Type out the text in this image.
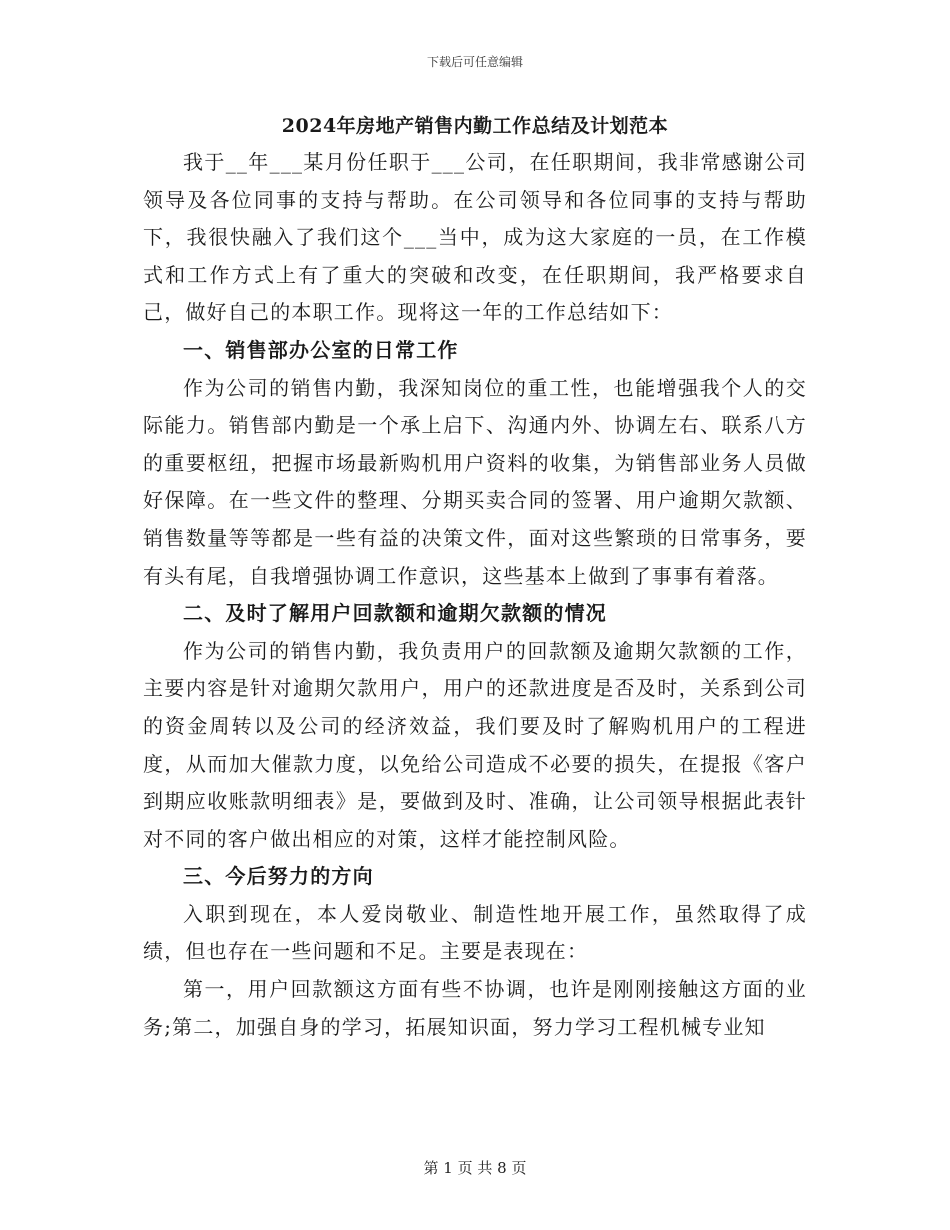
下载后可任意编辑
2024年房地产销售内勤工作总结及计划范本

我于__年___某月份任职于___公司，在任职期间，我非常感谢公司领导及各位同事的支持与帮助。在公司领导和各位同事的支持与帮助下，我很快融入了我们这个___当中，成为这大家庭的一员，在工作模式和工作方式上有了重大的突破和改变，在任职期间，我严格要求自己，做好自己的本职工作。现将这一年的工作总结如下：

一、销售部办公室的日常工作

作为公司的销售内勤，我深知岗位的重工性，也能增强我个人的交际能力。销售部内勤是一个承上启下、沟通内外、协调左右、联系八方的重要枢纽，把握市场最新购机用户资料的收集，为销售部业务人员做好保障。在一些文件的整理、分期买卖合同的签署、用户逾期欠款额、销售数量等等都是一些有益的决策文件，面对这些繁琐的日常事务，要有头有尾，自我增强协调工作意识，这些基本上做到了事事有着落。

二、及时了解用户回款额和逾期欠款额的情况

作为公司的销售内勤，我负责用户的回款额及逾期欠款额的工作，主要内容是针对逾期欠款用户，用户的还款进度是否及时，关系到公司的资金周转以及公司的经济效益，我们要及时了解购机用户的工程进度，从而加大催款力度，以免给公司造成不必要的损失，在提报《客户到期应收账款明细表》是，要做到及时、准确，让公司领导根据此表针对不同的客户做出相应的对策，这样才能控制风险。

三、今后努力的方向

入职到现在，本人爱岗敬业、制造性地开展工作，虽然取得了成绩，但也存在一些问题和不足。主要是表现在：

第一，用户回款额这方面有些不协调，也许是刚刚接触这方面的业务;第二，加强自身的学习，拓展知识面，努力学习工程机械专业知

第 1 页 共 8 页
